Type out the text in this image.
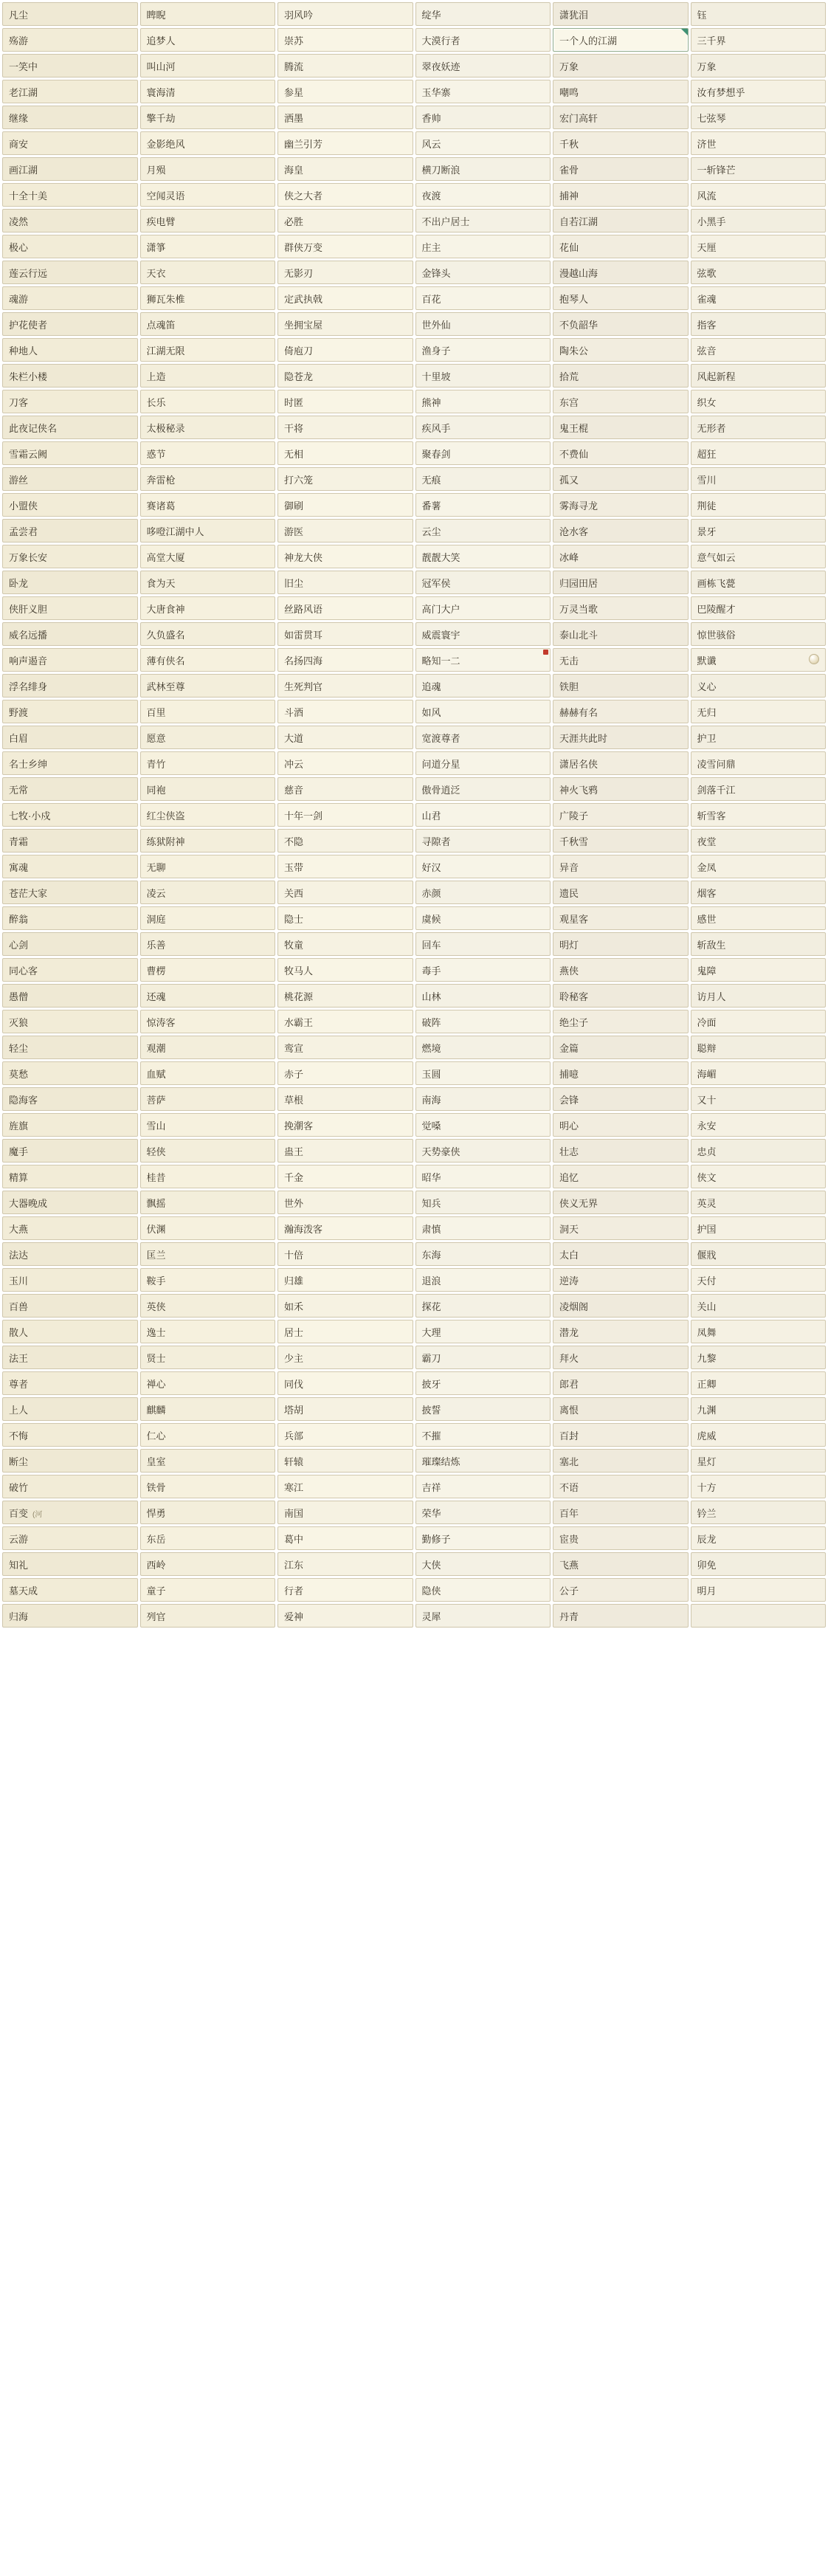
凡尘	睥睨	羽风吟	绽华	潇犹泪	钰
殇游	追梦人	崇苏	大漠行者	一个人的江湖	三千界
一笑中	叫山河	腾流	翠夜妖迹	万象	万象
老江湖	寰海清	参星	玉华寨	嘲鸣	汝有梦想乎
继缘	擎千劫	洒墨	香帅	宏门高轩	七弦琴
商安	金影绝风	幽兰引芳	风云	千秋	济世
画江湖	月殒	海皇	横刀断浪	雀骨	一斩锋芒
十全十美	空闻灵语	侠之大者	夜渡	捕神	风流
凌然	疾电臂	必胜	不出户居士	自若江湖	小黑手
极心	潇箏	群侠万变	庄主	花仙	天厘
莲云行远	天衣	无影刃	金锋头	漫越山海	弦歌
魂游	狮瓦朱椎	定武执戟	百花	抱琴人	雀魂
护花使者	点魂笛	坐拥宝屋	世外仙	不负韶华	指客
种地人	江湖无限	倚庖刀	渔身子	陶朱公	弦音
朱栏小楼	上造	隐苍龙	十里坡	拾荒	风起新程
刀客	长乐	时匿	熊神	东宫	织女
此夜记侠名	太极秘录	干将	疾风手	鬼王棍	无形者
雪霜云阙	惑节	无相	聚春剑	不费仙	超狂
游丝	奔雷枪	打六笼	无痕	孤又	雪川
小盟侠	赛诸葛	御刷	番薯	雾海寻龙	荆徒
孟尝君	哆噔江湖中人	游医	云尘	沧水客	景牙
万象长安	高堂大厦	神龙大侠	靓靓大笑	冰峰	意气如云
卧龙	食为天	旧尘	冠军侯	归园田居	画栋飞甍
侠肝义胆	大唐食神	丝路风语	高门大户	万灵当歌	巴陵醒才
威名远播	久负盛名	如雷贯耳	威震寰宇	泰山北斗	惊世骇俗
响声遏音	薄有侠名	名扬四海	略知一二	无击	默谶

浮名绯身	武林至尊	生死判官	追魂	铁胆	义心
野渡	百里	斗酒	如风	赫赫有名	无归
白眉	愿意	大道	宽渡尊者	天涯共此时	护卫
名士乡绅	青竹	冲云	问道分星	潇居名侠	凌雪问鼎
无常	同袍	慈音	傲骨逍泛	神火飞鸦	剑落千江
七牧·小戍	红尘侠盗	十年一剑	山君	广陵子	斩雪客
青霜	练狱附神	不隐	寻隙者	千秋雪	夜堂
寓魂	无聊	玉带	好汉	异音	金凤
苍茫大家	凌云	关西	赤颜	遗民	烟客
醉翁	洞庭	隐士	虞候	观星客	感世
心剑	乐善	牧童	回车	明灯	斩敌生
同心客	曹楞	牧马人	毒手	燕侠	鬼障
愚僧	还魂	桃花源	山林	聆秘客	访月人
灭狼	惊涛客	水霸王	破阵	绝尘子	冷面
轻尘	观潮	鸾宣	燃境	金篇	聪辩
莫愁	血赋	赤子	玉圆	捕噫	海嵋
隐海客	菩萨	草根	南海	会锋	又十
旌旗	雪山	挽潮客	觉嗓	明心	永安
魔手	轻侠	蛊王	天势豪侠	壮志	忠贞
精算	桂昔	千金	昭华	追忆	侠文
大器晚成	飘摇	世外	知兵	侠义无界	英灵
大燕	伏渊	瀚海泼客	肃慎	洞天	护国
法达	匡兰	十倍	东海	太白	偃戕
玉川	鞍手	归雄	退浪	逆涛	天付
百兽	英侠	如禾	探花	凌烟阁	关山
散人	逸士	居士	大理	潜龙	凤舞
法王	贤士	少主	霸刀	拜火	九黎
尊者	禅心	同伐	披牙	郎君	正卿
上人	麒麟	塔胡	披誓	离恨	九渊
不悔	仁心	兵部	不摧	百封	虎威
断尘	皇室	轩辕	璀璨结炼	塞北	星灯
破竹	铁骨	寒江	吉祥	不语	十方
百变 (河	悍勇	南国	荣华	百年	钤兰
云游	东岳	葛中	勤修子	宦贵	辰龙
知礼	西岭	江东	大侠	飞燕	卯免
墓天成	童子	行者	隐侠	公子	明月
归海	列官	爱神	灵犀	丹青	
